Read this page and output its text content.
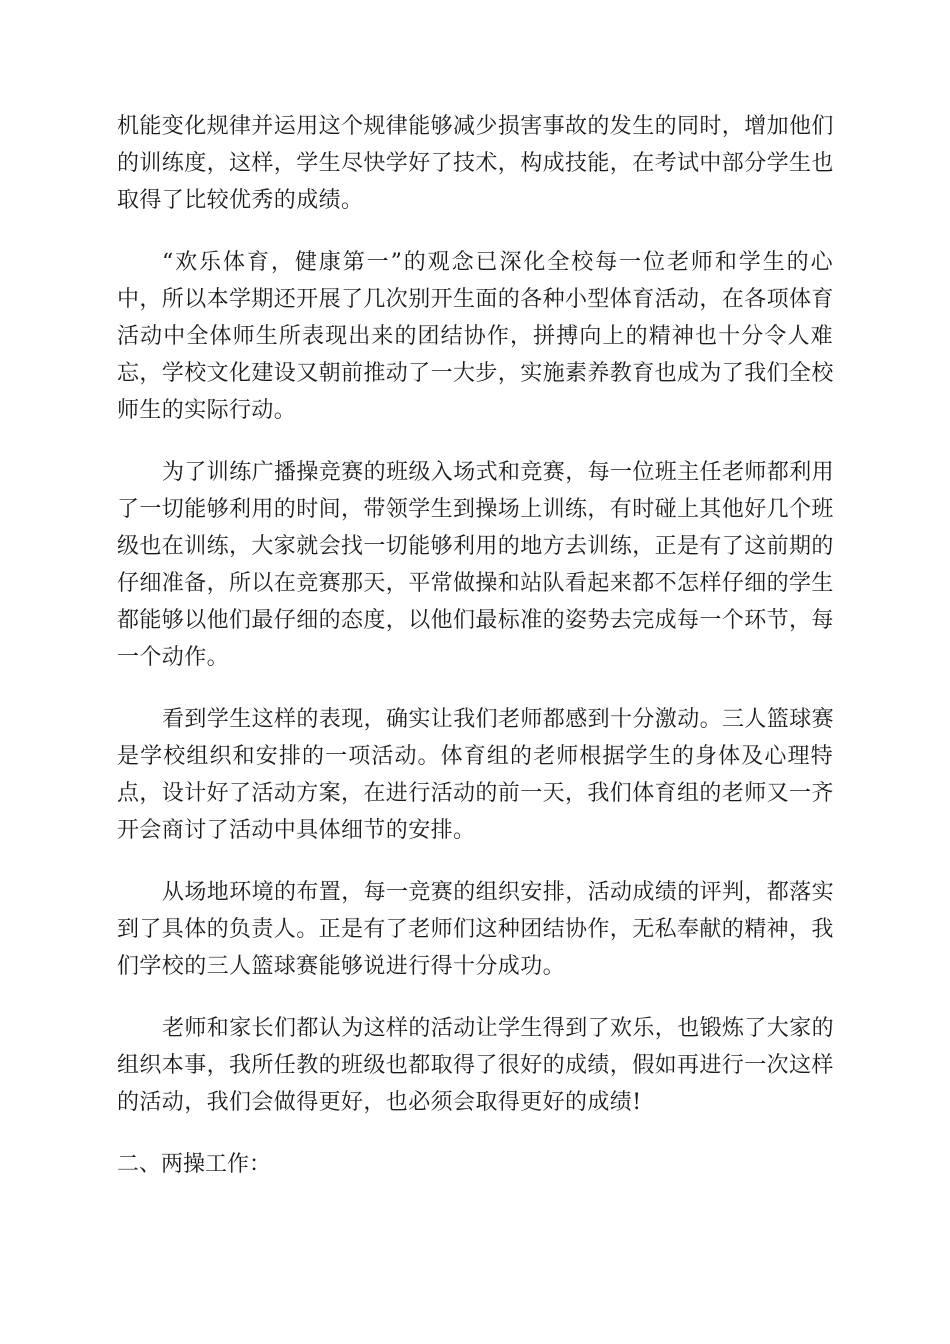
机能变化规律并运用这个规律能够减少损害事故的发生的同时，增加他们
的训练度，这样，学生尽快学好了技术，构成技能，在考试中部分学生也
取得了比较优秀的成绩。
“欢乐体育，健康第一”的观念已深化全校每一位老师和学生的心
中，所以本学期还开展了几次别开生面的各种小型体育活动，在各项体育
活动中全体师生所表现出来的团结协作，拼搏向上的精神也十分令人难
忘，学校文化建设又朝前推动了一大步，实施素养教育也成为了我们全校
师生的实际行动。
为了训练广播操竞赛的班级入场式和竞赛，每一位班主任老师都利用
了一切能够利用的时间，带领学生到操场上训练，有时碰上其他好几个班
级也在训练，大家就会找一切能够利用的地方去训练，正是有了这前期的
仔细准备，所以在竞赛那天，平常做操和站队看起来都不怎样仔细的学生
都能够以他们最仔细的态度，以他们最标准的姿势去完成每一个环节，每
一个动作。
看到学生这样的表现，确实让我们老师都感到十分激动。三人篮球赛
是学校组织和安排的一项活动。体育组的老师根据学生的身体及心理特
点，设计好了活动方案，在进行活动的前一天，我们体育组的老师又一齐
开会商讨了活动中具体细节的安排。
从场地环境的布置，每一竞赛的组织安排，活动成绩的评判，都落实
到了具体的负责人。正是有了老师们这种团结协作，无私奉献的精神，我
们学校的三人篮球赛能够说进行得十分成功。
老师和家长们都认为这样的活动让学生得到了欢乐，也锻炼了大家的
组织本事，我所任教的班级也都取得了很好的成绩，假如再进行一次这样
的活动，我们会做得更好，也必须会取得更好的成绩!
二、两操工作：
